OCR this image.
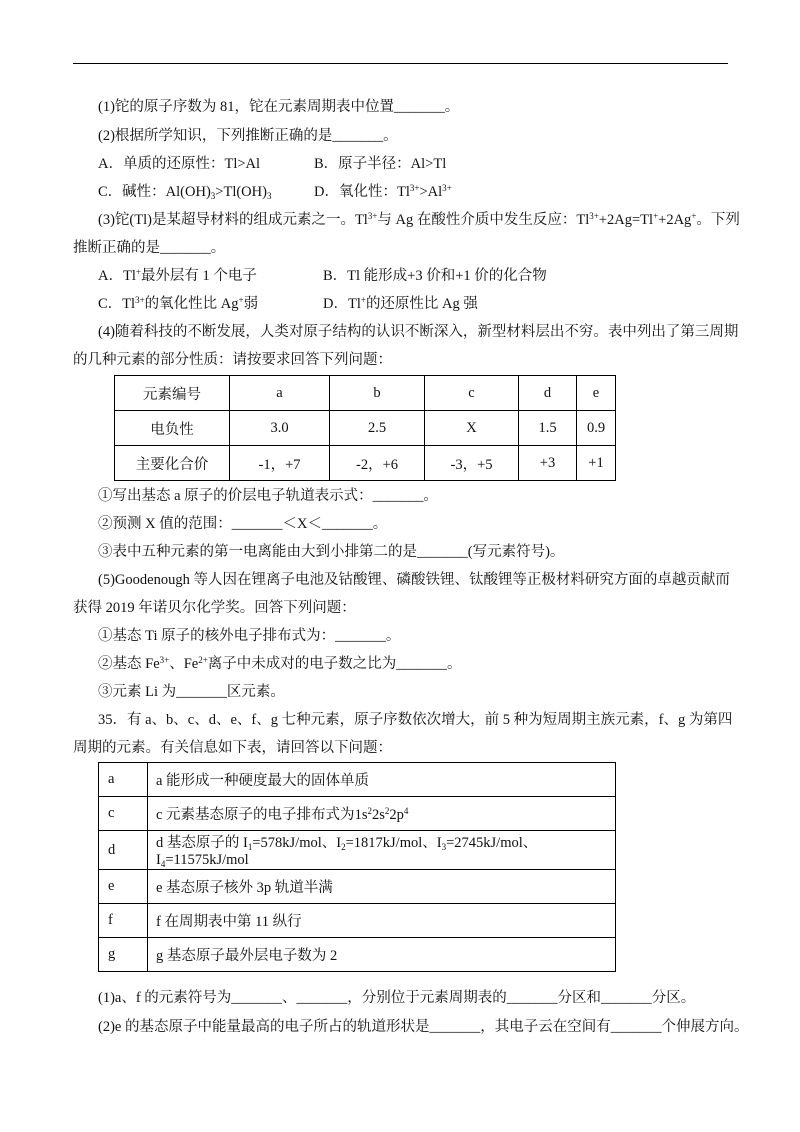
(1)铊的原子序数为 81，铊在元素周期表中位置_______。
(2)根据所学知识，下列推断正确的是_______。
A．单质的还原性：Tl>Al	B．原子半径：Al>Tl
C．碱性：$Al(OH)_3>Tl(OH)_3$	D．氧化性：$Tl^{3+}>Al^{3+}$
(3)铊(Tl)是某超导材料的组成元素之一。$Tl^{3+}$与 Ag 在酸性介质中发生反应：$Tl^{3+}+2Ag=Tl^++2Ag^+$。下列
推断正确的是_______。
A．Tl+最外层有 1 个电子	B．Tl 能形成+3 价和+1 价的化合物
C．$Tl^{3+}$的氧化性比 Ag+弱	D．Tl+的还原性比 Ag 强
(4)随着科技的不断发展，人类对原子结构的认识不断深入，新型材料层出不穷。表中列出了第三周期
的几种元素的部分性质：请按要求回答下列问题：
元素编号	a	b	c	d	e
电负性	3.0	2.5	X	1.5	0.9
主要化合价	-1，+7	-2，+6	-3，+5	+3	+1
①写出基态 a 原子的价层电子轨道表示式：_______。
②预测 X 值的范围：_______＜X＜_______。
③表中五种元素的第一电离能由大到小排第二的是_______(写元素符号)。
(5)Goodenough 等人因在锂离子电池及钴酸锂、磷酸铁锂、钛酸锂等正极材料研究方面的卓越贡献而
获得 2019 年诺贝尔化学奖。回答下列问题：
①基态 Ti 原子的核外电子排布式为：_______。
②基态 $Fe^{3+}$、$Fe^{2+}$离子中未成对的电子数之比为_______。
③元素 Li 为_______区元素。
35．有 a、b、c、d、e、f、g 七种元素，原子序数依次增大，前 5 种为短周期主族元素，f、g 为第四
周期的元素。有关信息如下表，请回答以下问题：
a	a 能形成一种硬度最大的固体单质
c	c 元素基态原子的电子排布式为$1s^22s^22p^4$
d	d 基态原子的 $I_1=578kJ$/mol、$I_2=1817kJ$/mol、$I_3=2745kJ$/mol、$I_4=11575kJ$/mol
e	e 基态原子核外 3p 轨道半满
f	f 在周期表中第 11 纵行
g	g 基态原子最外层电子数为 2
(1)a、f 的元素符号为_______、_______，分别位于元素周期表的_______分区和_______分区。
(2)e 的基态原子中能量最高的电子所占的轨道形状是_______，其电子云在空间有_______个伸展方向。
